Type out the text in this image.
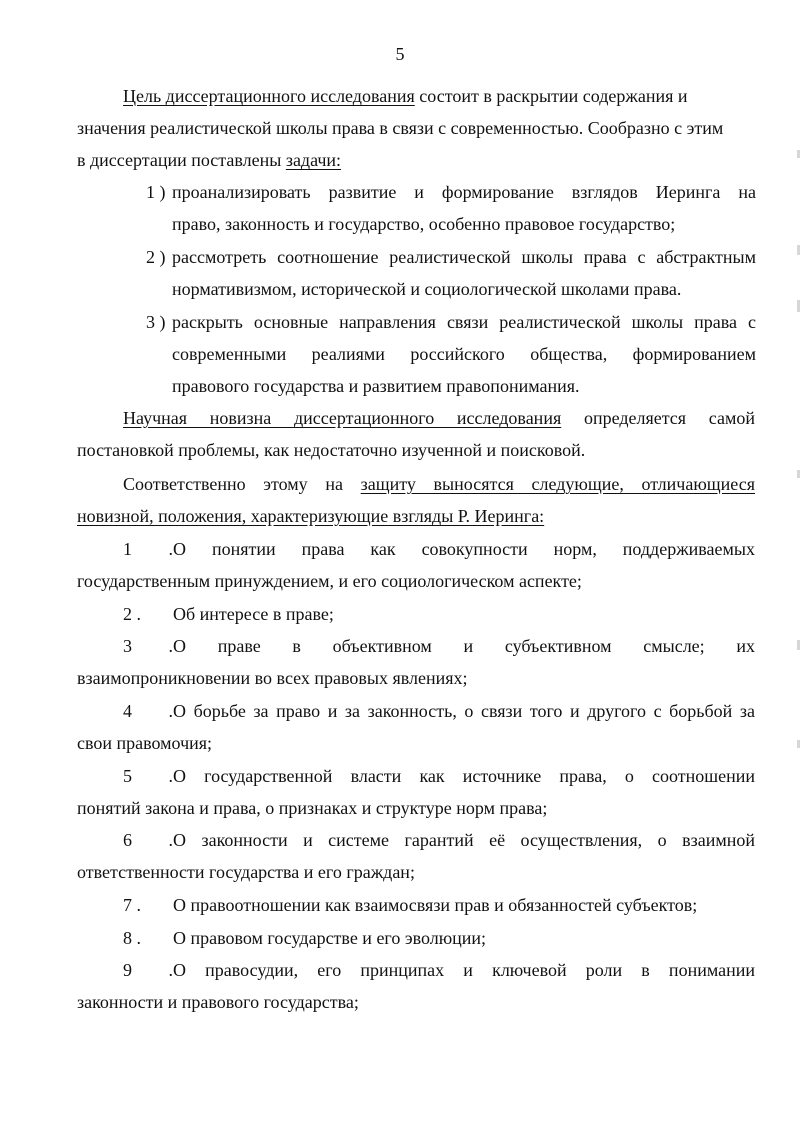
5
Цель диссертационного исследования состоит в раскрытии содержания и
значения реалистической школы права в связи с современностью. Сообразно с этим
в диссертации поставлены задачи:
1 ) проанализировать развитие и формирование взглядов Иеринга на
право, законность и государство, особенно правовое государство;
2 ) рассмотреть соотношение реалистической школы права с абстрактным
нормативизмом, исторической и социологической школами права.
3 ) раскрыть основные направления связи реалистической школы права с
современными реалиями российского общества, формированием
правового государства и развитием правопонимания.
Научная новизна диссертационного исследования определяется самой
постановкой проблемы, как недостаточно изученной и поисковой.
Соответственно этому на защиту выносятся следующие, отличающиеся
новизной, положения, характеризующие взгляды Р. Иеринга:
1 .О понятии права как совокупности норм, поддерживаемых
государственным принуждением, и его социологическом аспекте;
2 . Об интересе в праве;
3 .О праве в объективном и субъективном смысле; их
взаимопроникновении во всех правовых явлениях;
4 .О борьбе за право и за законность, о связи того и другого с борьбой за
свои правомочия;
5 .О государственной власти как источнике права, о соотношении
понятий закона и права, о признаках и структуре норм права;
6 .О законности и системе гарантий её осуществления, о взаимной
ответственности государства и его граждан;
7 . О правоотношении как взаимосвязи прав и обязанностей субъектов;
8 . О правовом государстве и его эволюции;
9 .О правосудии, его принципах и ключевой роли в понимании
законности и правового государства;
